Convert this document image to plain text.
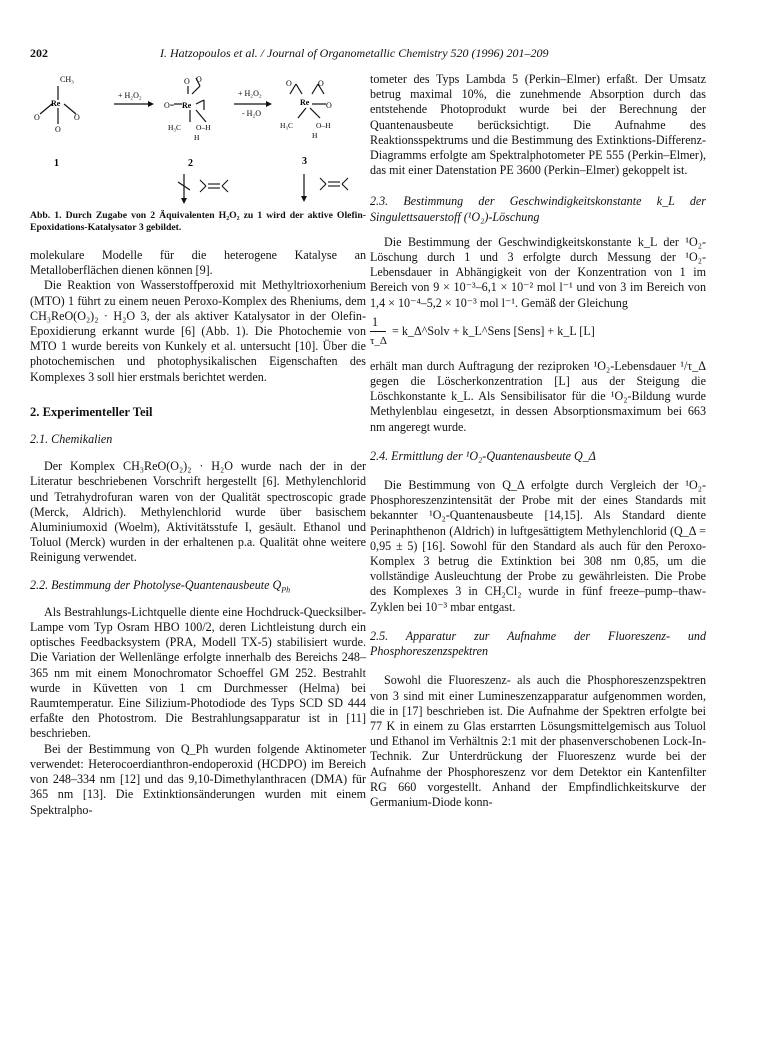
202	I. Hatzopoulos et al. / Journal of Organometallic Chemistry 520 (1996) 201–209
CH₃
Re
O	O
O
1
+ H₂O₂
O O
O= Re
H₃C O–H
H
2
+ H₂O₂
- H₂O
O	O
Re O
H₃C	O–H
H
3

Abb. 1. Durch Zugabe von 2 Äquivalenten H₂O₂ zu 1 wird der aktive Olefin-Epoxidations-Katalysator 3 gebildet.

molekulare Modelle für die heterogene Katalyse an Metalloberflächen dienen können [9].

Die Reaktion von Wasserstoffperoxid mit Methyltrioxorhenium (MTO) 1 führt zu einem neuen Peroxo-Komplex des Rheniums, dem CH₃ReO(O₂)₂ · H₂O 3, der als aktiver Katalysator in der Olefin-Epoxidierung erkannt wurde [6] (Abb. 1). Die Photochemie von MTO 1 wurde bereits von Kunkely et al. untersucht [10]. Über die photochemischen und photophysikalischen Eigenschaften des Komplexes 3 soll hier erstmals berichtet werden.

2. Experimenteller Teil

2.1. Chemikalien

Der Komplex CH₃ReO(O₂)₂ · H₂O wurde nach der in der Literatur beschriebenen Vorschrift hergestellt [6]. Methylenchlorid und Tetrahydrofuran waren von der Qualität spectroscopic grade (Merck, Aldrich). Methylenchlorid wurde über basischem Aluminiumoxid (Woelm), Aktivitätsstufe I, gesäult. Ethanol und Toluol (Merck) wurden in der erhaltenen p.a. Qualität ohne weitere Reinigung verwendet.

2.2. Bestimmung der Photolyse-Quantenausbeute $Q_{Ph}$

Als Bestrahlungs-Lichtquelle diente eine Hochdruck-Quecksilber-Lampe vom Typ Osram HBO 100/2, deren Lichtleistung durch ein optisches Feedbacksystem (PRA, Modell TX-5) stabilisiert wurde. Die Variation der Wellenlänge erfolgte innerhalb des Bereichs 248–365 nm mit einem Monochromator Schoeffel GM 252. Bestrahlt wurde in Küvetten von 1 cm Durchmesser (Helma) bei Raumtemperatur. Eine Silizium-Photodiode des Typs SCD SD 444 erfaßte den Photostrom. Die Bestrahlungsapparatur ist in [11] beschrieben.

Bei der Bestimmung von Q_Ph wurden folgende Aktinometer verwendet: Heterocoerdianthron-endoperoxid (HCDPO) im Bereich von 248–334 nm [12] und das 9,10-Dimethylanthracen (DMA) für 365 nm [13]. Die Extinktionsänderungen wurden mit einem Spektralpho-

tometer des Typs Lambda 5 (Perkin–Elmer) erfaßt. Der Umsatz betrug maximal 10%, die zunehmende Absorption durch das entstehende Photoprodukt wurde bei der Berechnung der Quantenausbeute berücksichtigt. Die Aufnahme des Reaktionsspektrums und die Bestimmung des Extinktions-Differenz-Diagramms erfolgte am Spektralphotometer PE 555 (Perkin–Elmer), das mit einer Datenstation PE 3600 (Perkin–Elmer) gekoppelt ist.

2.3. Bestimmung der Geschwindigkeitskonstante k_L der Singulettsauerstoff (¹O₂)-Löschung

Die Bestimmung der Geschwindigkeitskonstante k_L der ¹O₂-Löschung durch 1 und 3 erfolgte durch Messung der ¹O₂-Lebensdauer in Abhängigkeit von der Konzentration von 1 im Bereich von 9 × 10⁻³–6,1 × 10⁻² mol l⁻¹ und von 3 im Bereich von 1,4 × 10⁻⁴–5,2 × 10⁻³ mol l⁻¹. Gemäß der Gleichung

1
τ_Δ
= k_Δ^Solv + k_L^Sens [Sens] + k_L [L]

erhält man durch Auftragung der reziproken ¹O₂-Lebensdauer ¹/τ_Δ gegen die Löscherkonzentration [L] aus der Steigung die Löschkonstante k_L. Als Sensibilisator für die ¹O₂-Bildung wurde Methylenblau eingesetzt, in dessen Absorptionsmaximum bei 663 nm angeregt wurde.

2.4. Ermittlung der ¹O₂-Quantenausbeute Q_Δ

Die Bestimmung von Q_Δ erfolgte durch Vergleich der ¹O₂-Phosphoreszenzintensität der Probe mit der eines Standards mit bekannter ¹O₂-Quantenausbeute [14,15]. Als Standard diente Perinaphthenon (Aldrich) in luftgesättigtem Methylenchlorid (Q_Δ = 0,95 ± 5) [16]. Sowohl für den Standard als auch für den Peroxo-Komplex 3 betrug die Extinktion bei 308 nm 0,85, um die vollständige Ausleuchtung der Probe zu gewährleisten. Die Probe des Komplexes 3 in CH₂Cl₂ wurde in fünf freeze–pump–thaw-Zyklen bei 10⁻³ mbar entgast.

2.5. Apparatur zur Aufnahme der Fluoreszenz- und Phosphoreszenzspektren

Sowohl die Fluoreszenz- als auch die Phosphoreszenzspektren von 3 sind mit einer Lumineszenzapparatur aufgenommen worden, die in [17] beschrieben ist. Die Aufnahme der Spektren erfolgte bei 77 K in einem zu Glas erstarrten Lösungsmittelgemisch aus Toluol und Ethanol im Verhältnis 2:1 mit der phasenverschobenen Lock-In-Technik. Zur Unterdrückung der Fluoreszenz wurde bei der Aufnahme der Phosphoreszenz vor dem Detektor ein Kantenfilter RG 660 vorgestellt. Anhand der Empfindlichkeitskurve der Germanium-Diode konn-
